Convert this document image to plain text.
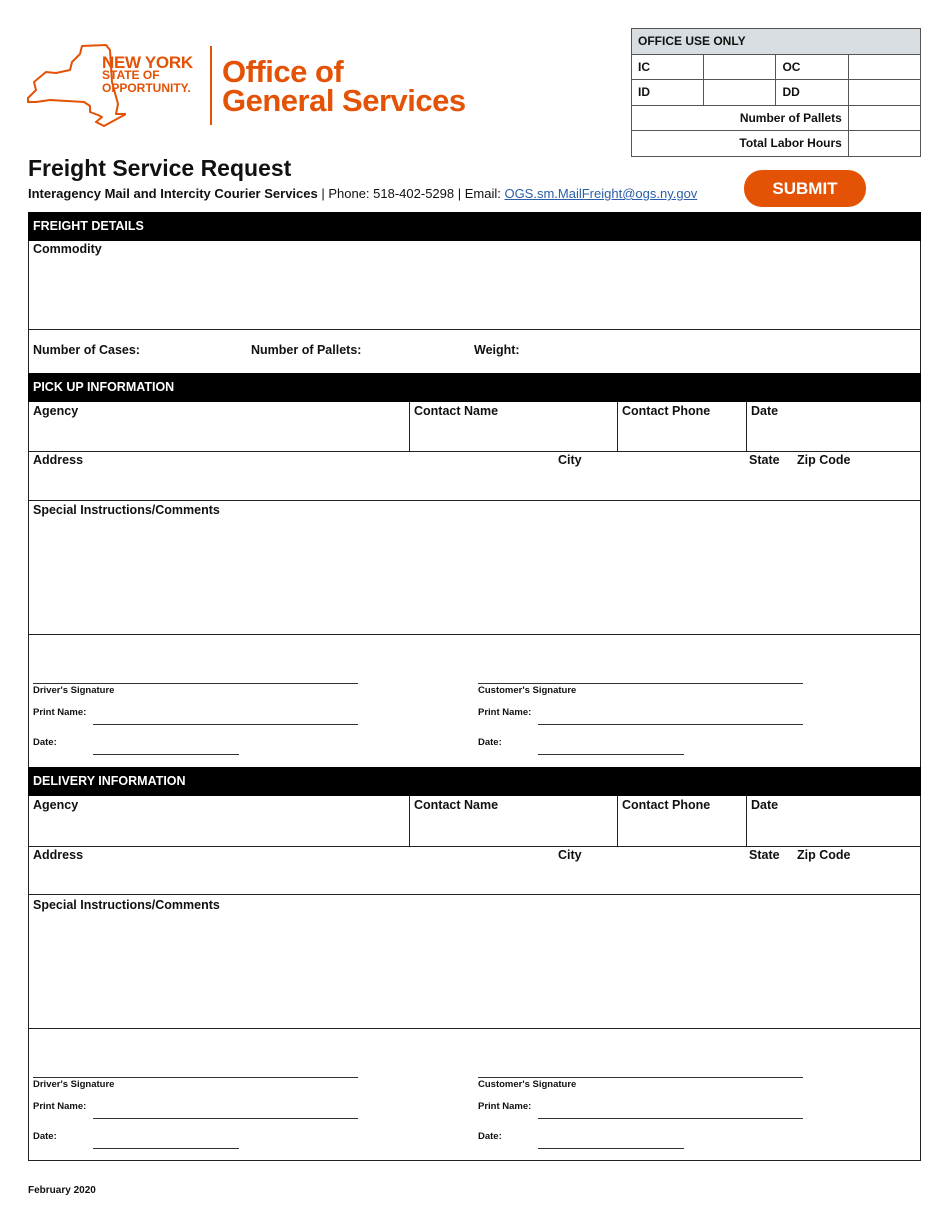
NEW YORK
STATE OF
OPPORTUNITY.	Office of
General Services
OFFICE USE ONLY			
IC		OC	
ID		DD	
Number of Pallets			
Total Labor Hours			
Freight Service Request
Interagency Mail and Intercity Courier Services | Phone: 518-402-5298 | Email: OGS.sm.MailFreight@ogs.ny.gov	SUBMIT
FREIGHT DETAILS
Commodity
Number of Cases:	Number of Pallets:	Weight:
PICK UP INFORMATION
Agency	Contact Name	Contact Phone	Date
Address	City	State Zip Code
Special Instructions/Comments
Driver's Signature
Print Name:
Date:
Customer's Signature
Print Name:
Date:
DELIVERY INFORMATION
Agency	Contact Name	Contact Phone	Date
Address	City	State Zip Code
Special Instructions/Comments
Driver's Signature
Print Name:
Date:
Customer's Signature
Print Name:
Date:
February 2020
